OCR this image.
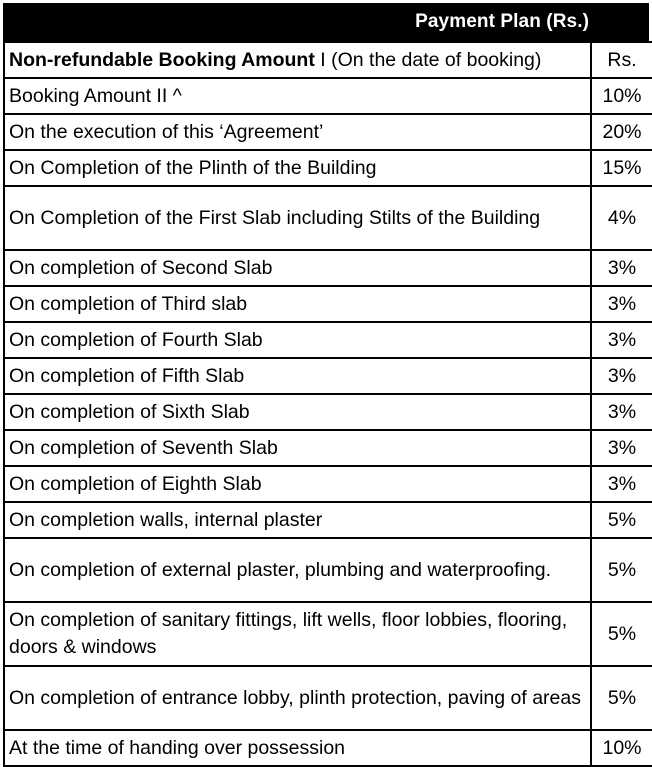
Payment Plan (Rs.)
Non-refundable Booking Amount I (On the date of booking)	Rs.
Booking Amount II ^	10%
On the execution of this ‘Agreement’	20%
On Completion of the Plinth of the Building	15%
On Completion of the First Slab including Stilts of the Building	4%
On completion of Second Slab	3%
On completion of Third slab	3%
On completion of Fourth Slab	3%
On completion of Fifth Slab	3%
On completion of Sixth Slab	3%
On completion of Seventh Slab	3%
On completion of Eighth Slab	3%
On completion walls, internal plaster	5%
On completion of external plaster, plumbing and waterproofing.	5%
On completion of sanitary fittings, lift wells, floor lobbies, flooring, doors & windows	5%
On completion of entrance lobby, plinth protection, paving of areas	5%
At the time of handing over possession	10%
